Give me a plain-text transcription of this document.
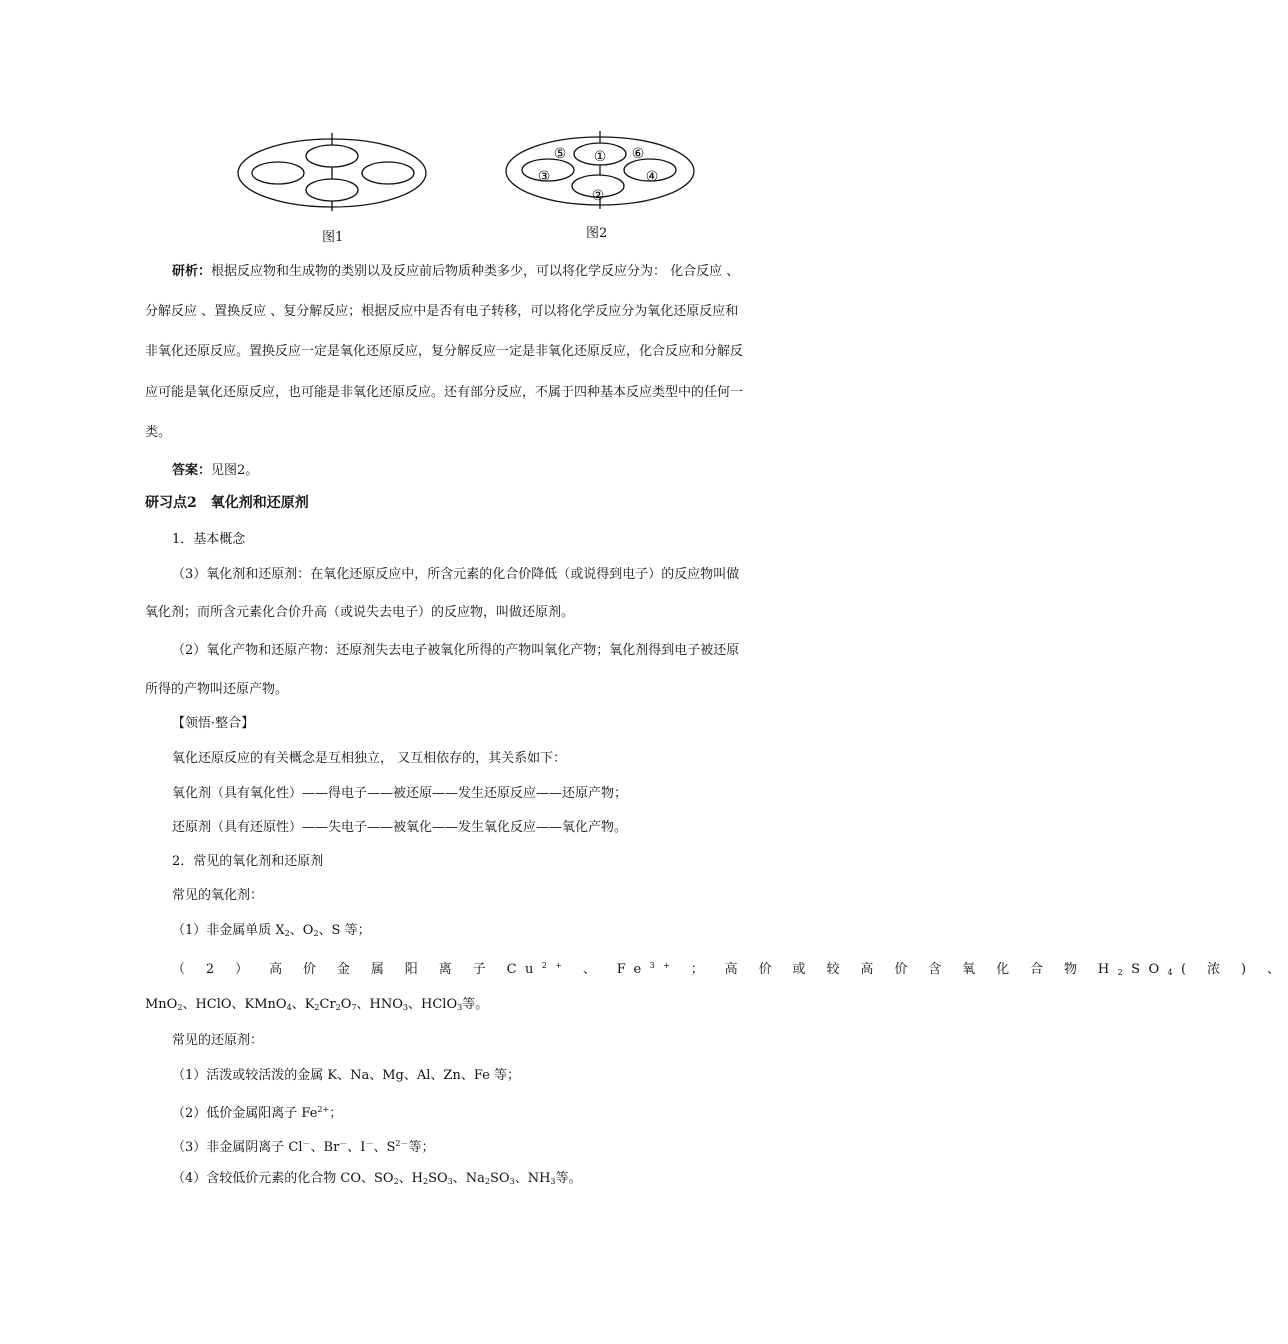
图1
①
②
③	④
⑤	⑥
图2
研析：根据反应物和生成物的类别以及反应前后物质种类多少，可以将化学反应分为： 化合反应 、
分解反应 、置换反应 、复分解反应；根据反应中是否有电子转移，可以将化学反应分为氧化还原反应和
非氧化还原反应。置换反应一定是氧化还原反应，复分解反应一定是非氧化还原反应，化合反应和分解反
应可能是氧化还原反应，也可能是非氧化还原反应。还有部分反应，不属于四种基本反应类型中的任何一
类。
答案：见图2。
研习点2　氧化剂和还原剂
1．基本概念
（3）氧化剂和还原剂：在氧化还原反应中，所含元素的化合价降低（或说得到电子）的反应物叫做
氧化剂；而所含元素化合价升高（或说失去电子）的反应物，叫做还原剂。
（2）氧化产物和还原产物：还原剂失去电子被氧化所得的产物叫氧化产物；氧化剂得到电子被还原
所得的产物叫还原产物。
【领悟·整合】
氧化还原反应的有关概念是互相独立， 又互相依存的，其关系如下：
氧化剂（具有氧化性）——得电子——被还原——发生还原反应——还原产物；
还原剂（具有还原性）——失电子——被氧化——发生氧化反应——氧化产物。
2．常见的氧化剂和还原剂
常见的氧化剂：
（1）非金属单质 $X_2$、$O_2$、S 等；
（ 2 ） 高 价 金 属 阳 离 子 $Cu^{2+}$ 、 $Fe^{3+}$ ； 高 价 或 较 高 价 含 氧 化 合 物 $H_2SO_4$( 浓 ) 、
MnO$_2$、HClO、KMnO$_4$、$K_2Cr_2O_7$、$HNO_3$、HClO$_3$等。
常见的还原剂：
（1）活泼或较活泼的金属 K、Na、Mg、Al、Zn、Fe 等；
（2）低价金属阳离子 $Fe^{2+}$；
（3）非金属阴离子 Cl－、Br－、I－、$S^{2-}$等；
（4）含较低价元素的化合物 CO、$SO_2$、$H_2SO_3$、$Na_2SO_3$、$NH_3$等。
